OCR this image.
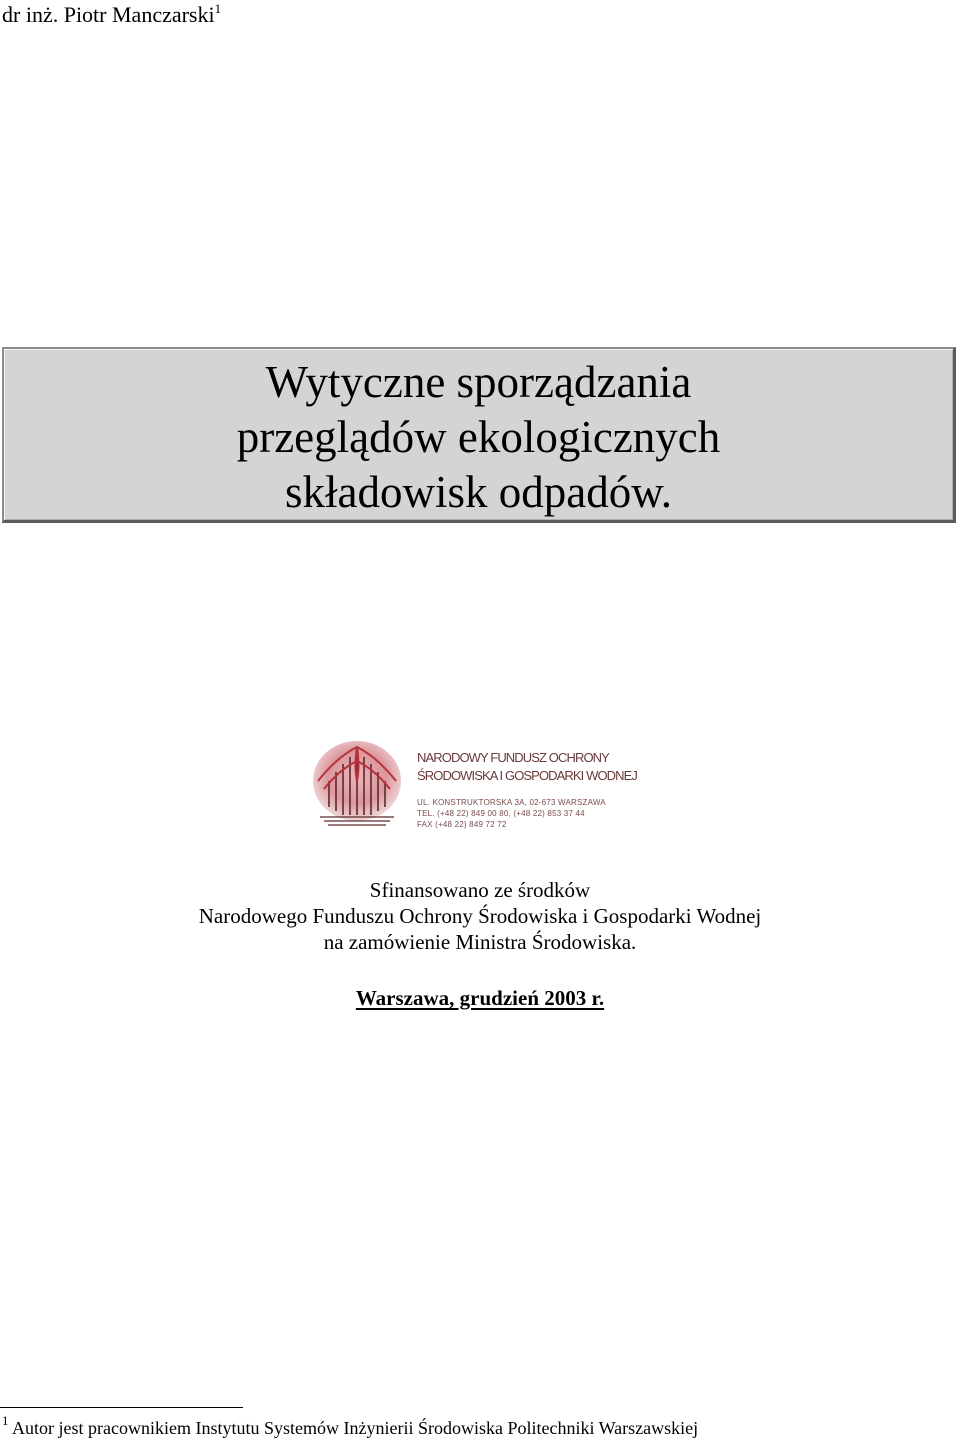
dr inż. Piotr Manczarski$^1$
Wytyczne sporządzania
przeglądów ekologicznych
składowisk odpadów.
NARODOWY FUNDUSZ OCHRONY
ŚRODOWISKA I GOSPODARKI WODNEJ
UL. KONSTRUKTORSKA 3A, 02-673 WARSZAWA
TEL. (+48 22) 849 00 80, (+48 22) 853 37 44
FAX (+48 22) 849 72 72
Sfinansowano ze środków
Narodowego Funduszu Ochrony Środowiska i Gospodarki Wodnej
na zamówienie Ministra Środowiska.
Warszawa, grudzień 2003 r.
$^1$ Autor jest pracownikiem Instytutu Systemów Inżynierii Środowiska Politechniki Warszawskiej
